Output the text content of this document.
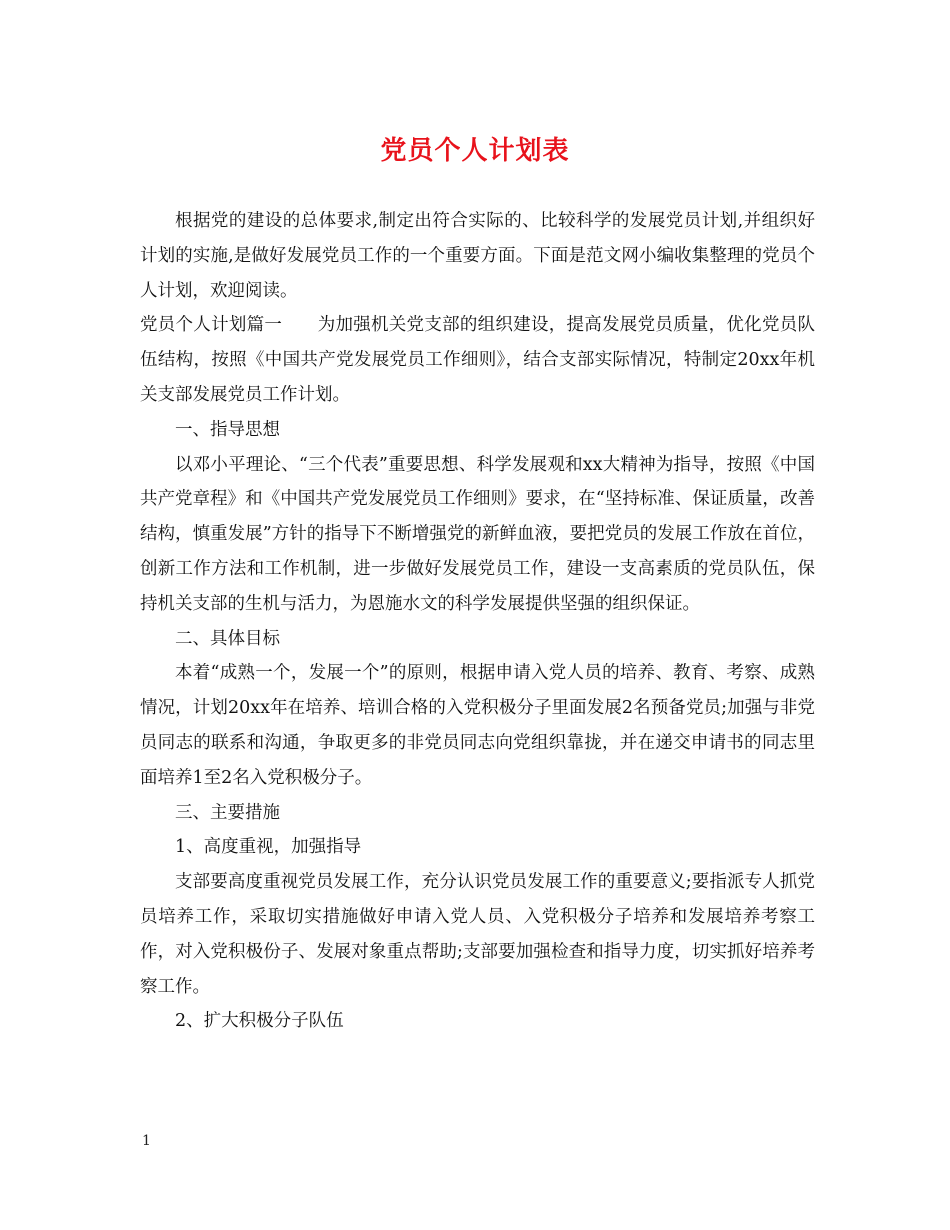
党员个人计划表

根据党的建设的总体要求,制定出符合实际的、比较科学的发展党员计划,并组织好计划的实施,是做好发展党员工作的一个重要方面。下面是范文网小编收集整理的党员个人计划，欢迎阅读。

党员个人计划篇一　　为加强机关党支部的组织建设，提高发展党员质量，优化党员队伍结构，按照《中国共产党发展党员工作细则》，结合支部实际情况，特制定20xx年机关支部发展党员工作计划。

一、指导思想

以邓小平理论、“三个代表”重要思想、科学发展观和xx大精神为指导，按照《中国共产党章程》和《中国共产党发展党员工作细则》要求，在“坚持标准、保证质量，改善结构，慎重发展”方针的指导下不断增强党的新鲜血液，要把党员的发展工作放在首位，创新工作方法和工作机制，进一步做好发展党员工作，建设一支高素质的党员队伍，保持机关支部的生机与活力，为恩施水文的科学发展提供坚强的组织保证。

二、具体目标

本着“成熟一个，发展一个”的原则，根据申请入党人员的培养、教育、考察、成熟情况，计划20xx年在培养、培训合格的入党积极分子里面发展2名预备党员;加强与非党员同志的联系和沟通，争取更多的非党员同志向党组织靠拢，并在递交申请书的同志里面培养1至2名入党积极分子。

三、主要措施

1、高度重视，加强指导

支部要高度重视党员发展工作，充分认识党员发展工作的重要意义;要指派专人抓党员培养工作，采取切实措施做好申请入党人员、入党积极分子培养和发展培养考察工作，对入党积极份子、发展对象重点帮助;支部要加强检查和指导力度，切实抓好培养考察工作。

2、扩大积极分子队伍

1
